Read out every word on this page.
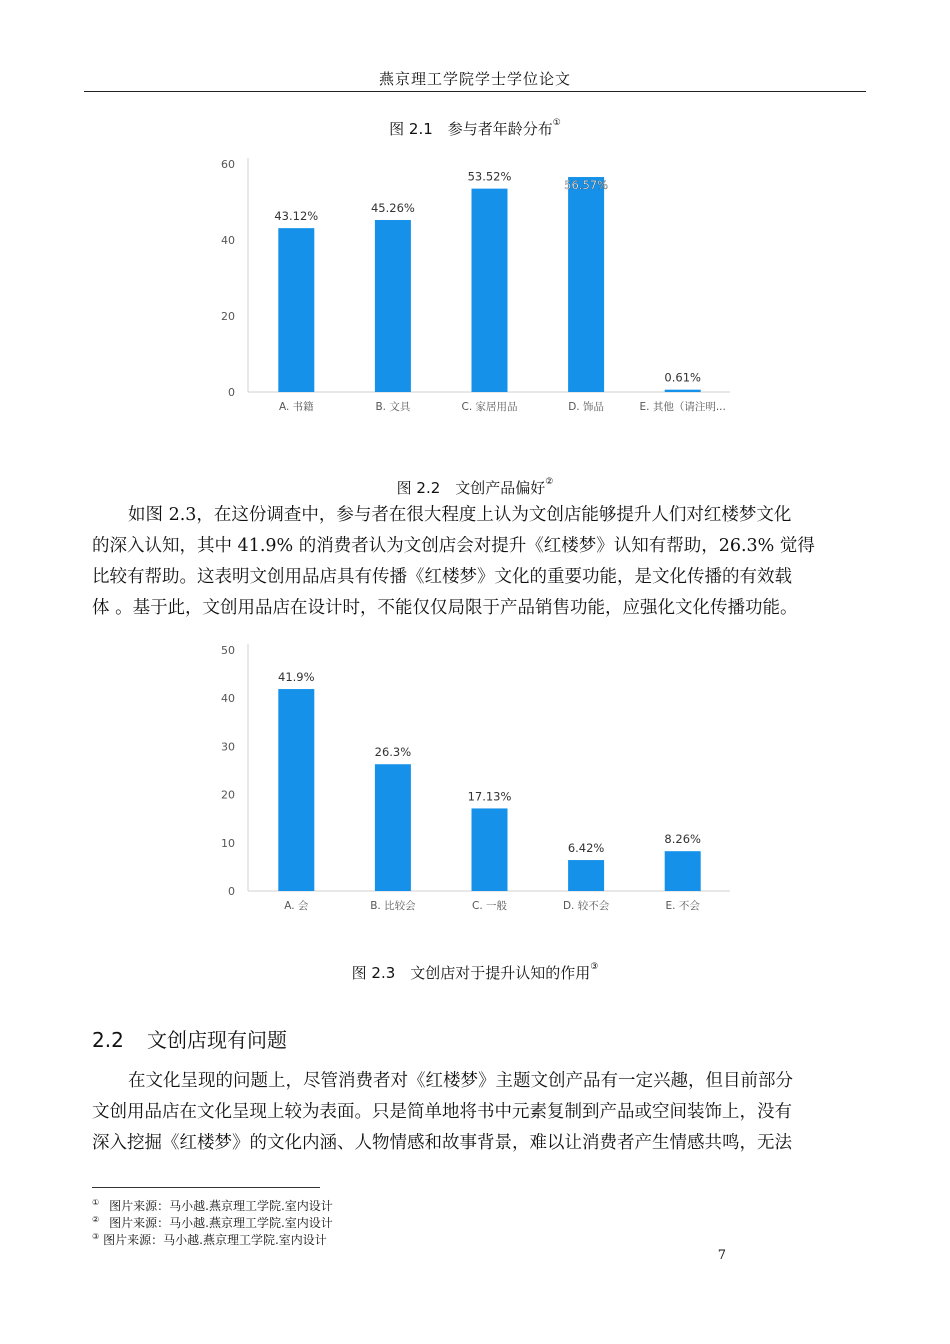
燕京理工学院学士学位论文
图 2.1　参与者年龄分布①
0
20
40
60
43.12%
A. 书籍
45.26%
B. 文具
53.52%
C. 家居用品
56.57%
D. 饰品
0.61%
E. 其他（请注明...
图 2.2　文创产品偏好②
如图 2.3，在这份调查中，参与者在很大程度上认为文创店能够提升人们对红楼梦文化
的深入认知，其中 41.9% 的消费者认为文创店会对提升《红楼梦》认知有帮助，26.3% 觉得
比较有帮助。这表明文创用品店具有传播《红楼梦》文化的重要功能，是文化传播的有效载
体 。基于此，文创用品店在设计时，不能仅仅局限于产品销售功能，应强化文化传播功能。
0
10
20
30
40
50
41.9%
A. 会
26.3%
B. 比较会
17.13%
C. 一般
6.42%
D. 较不会
8.26%
E. 不会
图 2.3　文创店对于提升认知的作用③
2.2 文创店现有问题
在文化呈现的问题上，尽管消费者对《红楼梦》主题文创产品有一定兴趣，但目前部分
文创用品店在文化呈现上较为表面。只是简单地将书中元素复制到产品或空间装饰上，没有
深入挖掘《红楼梦》的文化内涵、人物情感和故事背景，难以让消费者产生情感共鸣，无法
① 图片来源：马小越.燕京理工学院.室内设计
② 图片来源：马小越.燕京理工学院.室内设计
③ 图片来源：马小越.燕京理工学院.室内设计
7
